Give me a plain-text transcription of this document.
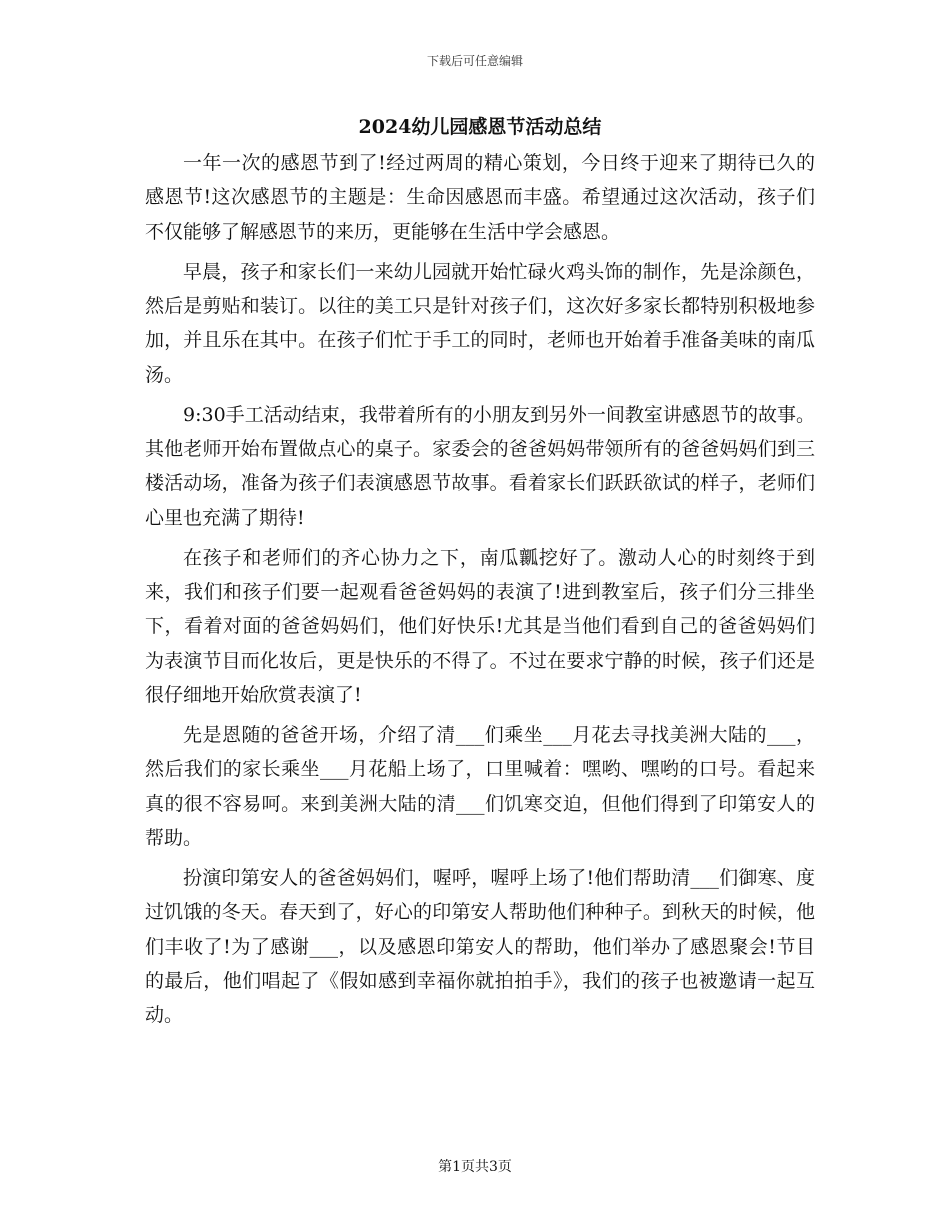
下载后可任意编辑
2024幼儿园感恩节活动总结

一年一次的感恩节到了!经过两周的精心策划，今日终于迎来了期待已久的感恩节!这次感恩节的主题是：生命因感恩而丰盛。希望通过这次活动，孩子们不仅能够了解感恩节的来历，更能够在生活中学会感恩。

早晨，孩子和家长们一来幼儿园就开始忙碌火鸡头饰的制作，先是涂颜色，然后是剪贴和装订。以往的美工只是针对孩子们，这次好多家长都特别积极地参加，并且乐在其中。在孩子们忙于手工的同时，老师也开始着手准备美味的南瓜汤。

9:30手工活动结束，我带着所有的小朋友到另外一间教室讲感恩节的故事。其他老师开始布置做点心的桌子。家委会的爸爸妈妈带领所有的爸爸妈妈们到三楼活动场，准备为孩子们表演感恩节故事。看着家长们跃跃欲试的样子，老师们心里也充满了期待!

在孩子和老师们的齐心协力之下，南瓜瓤挖好了。激动人心的时刻终于到来，我们和孩子们要一起观看爸爸妈妈的表演了!进到教室后，孩子们分三排坐下，看着对面的爸爸妈妈们，他们好快乐!尤其是当他们看到自己的爸爸妈妈们为表演节目而化妆后，更是快乐的不得了。不过在要求宁静的时候，孩子们还是很仔细地开始欣赏表演了!

先是恩随的爸爸开场，介绍了清___们乘坐___月花去寻找美洲大陆的___，然后我们的家长乘坐___月花船上场了，口里喊着：嘿哟、嘿哟的口号。看起来真的很不容易呵。来到美洲大陆的清___们饥寒交迫，但他们得到了印第安人的帮助。

扮演印第安人的爸爸妈妈们，喔呼，喔呼上场了!他们帮助清___们御寒、度过饥饿的冬天。春天到了，好心的印第安人帮助他们种种子。到秋天的时候，他们丰收了!为了感谢___，以及感恩印第安人的帮助，他们举办了感恩聚会!节目的最后，他们唱起了《假如感到幸福你就拍拍手》，我们的孩子也被邀请一起互动。

第1页共3页
